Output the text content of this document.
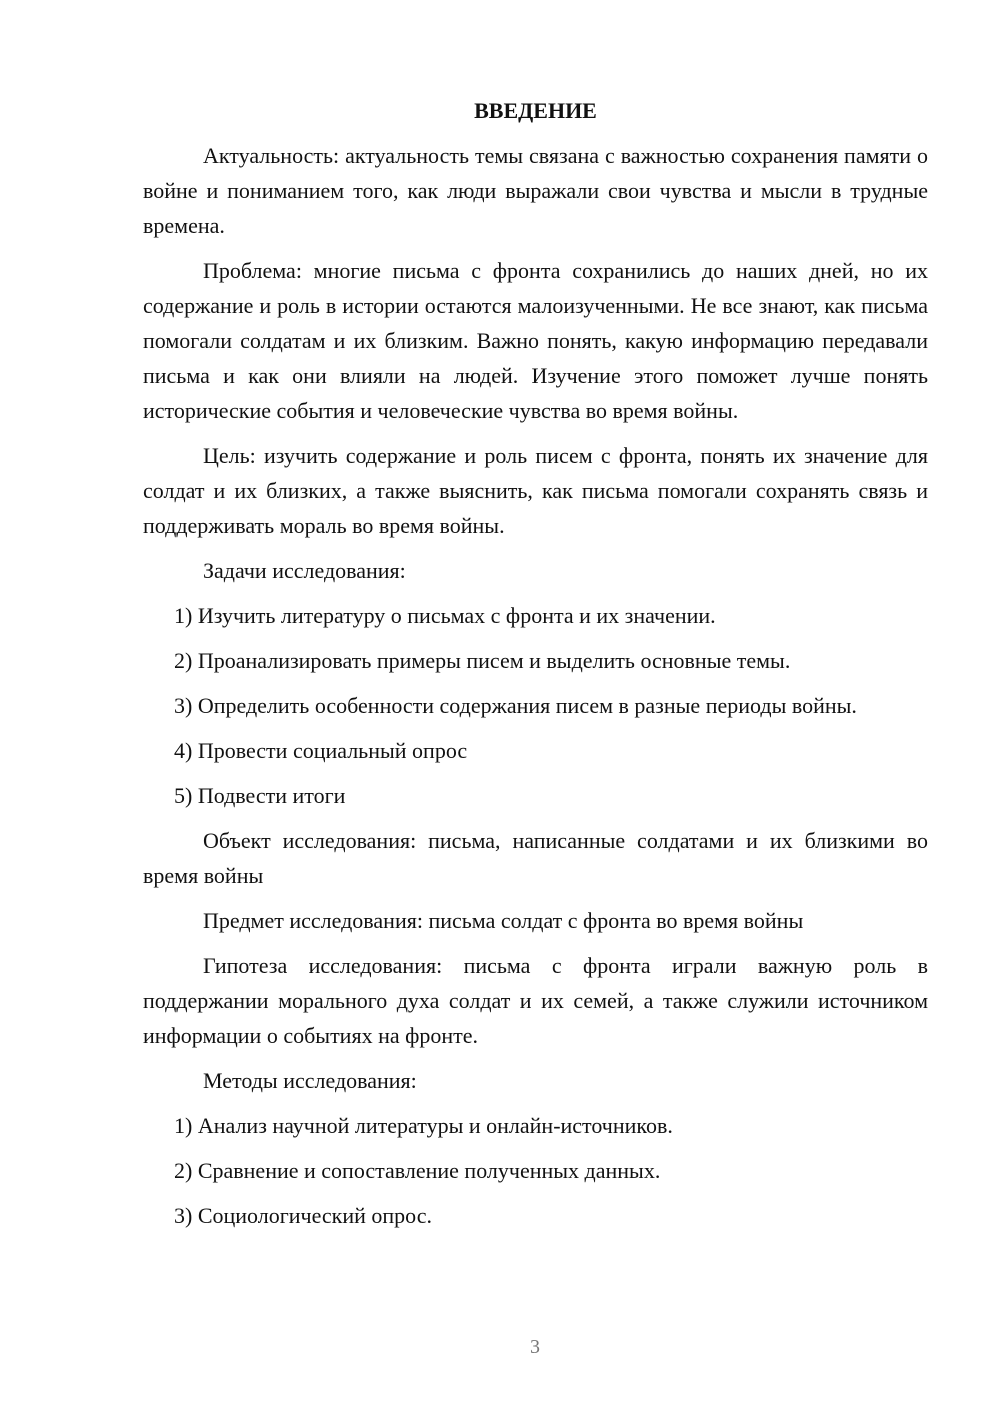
ВВЕДЕНИЕ

Актуальность: актуальность темы связана с важностью сохранения памяти о войне и пониманием того, как люди выражали свои чувства и мысли в трудные времена.

Проблема: многие письма с фронта сохранились до наших дней, но их содержание и роль в истории остаются малоизученными. Не все знают, как письма помогали солдатам и их близким. Важно понять, какую информацию передавали письма и как они влияли на людей. Изучение этого поможет лучше понять исторические события и человеческие чувства во время войны.

Цель: изучить содержание и роль писем с фронта, понять их значение для солдат и их близких, а также выяснить, как письма помогали сохранять связь и поддерживать мораль во время войны.

Задачи исследования:

1) Изучить литературу о письмах с фронта и их значении.

2) Проанализировать примеры писем и выделить основные темы.

3) Определить особенности содержания писем в разные периоды войны.

4) Провести социальный опрос

5) Подвести итоги

Объект исследования: письма, написанные солдатами и их близкими во время войны

Предмет исследования: письма солдат с фронта во время войны

Гипотеза исследования: письма с фронта играли важную роль в поддержании морального духа солдат и их семей, а также служили источником информации о событиях на фронте.

Методы исследования:

1) Анализ научной литературы и онлайн-источников.

2) Сравнение и сопоставление полученных данных.

3) Социологический опрос.

3
